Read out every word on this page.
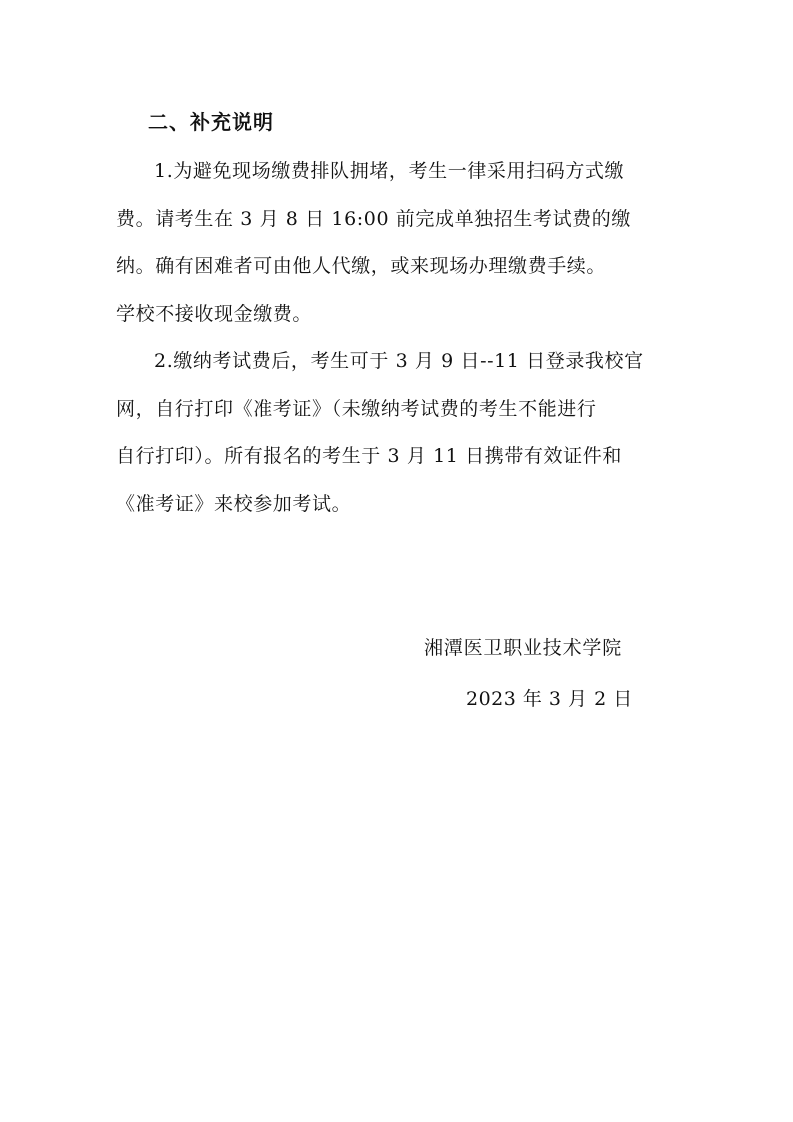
二、补充说明
1.为避免现场缴费排队拥堵，考生一律采用扫码方式缴
费。请考生在 3 月 8 日 16:00 前完成单独招生考试费的缴
纳。确有困难者可由他人代缴，或来现场办理缴费手续。
学校不接收现金缴费。
2.缴纳考试费后，考生可于 3 月 9 日--11 日登录我校官
网，自行打印《准考证》（未缴纳考试费的考生不能进行
自行打印）。所有报名的考生于 3 月 11 日携带有效证件和
《准考证》来校参加考试。
湘潭医卫职业技术学院
2023 年 3 月 2 日
